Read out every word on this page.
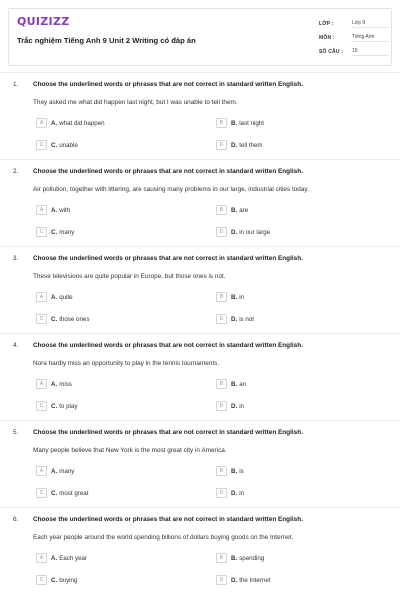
QUIZIZZ
Trắc nghiệm Tiếng Anh 9 Unit 2 Writing có đáp án
LỚP :	Lớp 9
MÔN :	Tiếng Anh
SỐ CÂU :	15
1. Choose the underlined words or phrases that are not correct in standard written English.
They asked me what did happen last night, but I was unable to tell them.
A	A. what did happen	B	B. last night
C	C. unable	D	D. tell them
2. Choose the underlined words or phrases that are not correct in standard written English.
Air pollution, together with littering, are causing many problems in our large, industrial cities today.
A	A. with	B	B. are
C	C. many	D	D. in our large
3. Choose the underlined words or phrases that are not correct in standard written English.
These televisions are quite popular in Europe, but those ones is not.
A	A. quite	B	B. in
C	C. those ones	D	D. is not
4. Choose the underlined words or phrases that are not correct in standard written English.
Nora hardly miss an opportunity to play in the tennis tournaments.
A	A. miss	B	B. an
C	C. to play	D	D. in
5. Choose the underlined words or phrases that are not correct in standard written English.
Many people believe that New York is the most great city in America.
A	A. many	B	B. is
C	C. most great	D	D. in
6. Choose the underlined words or phrases that are not correct in standard written English.
Each year people around the world spending billions of dollars buying goods on the Internet.
A	A. Each year	B	B. spending
C	C. buying	D	D. the Internet
